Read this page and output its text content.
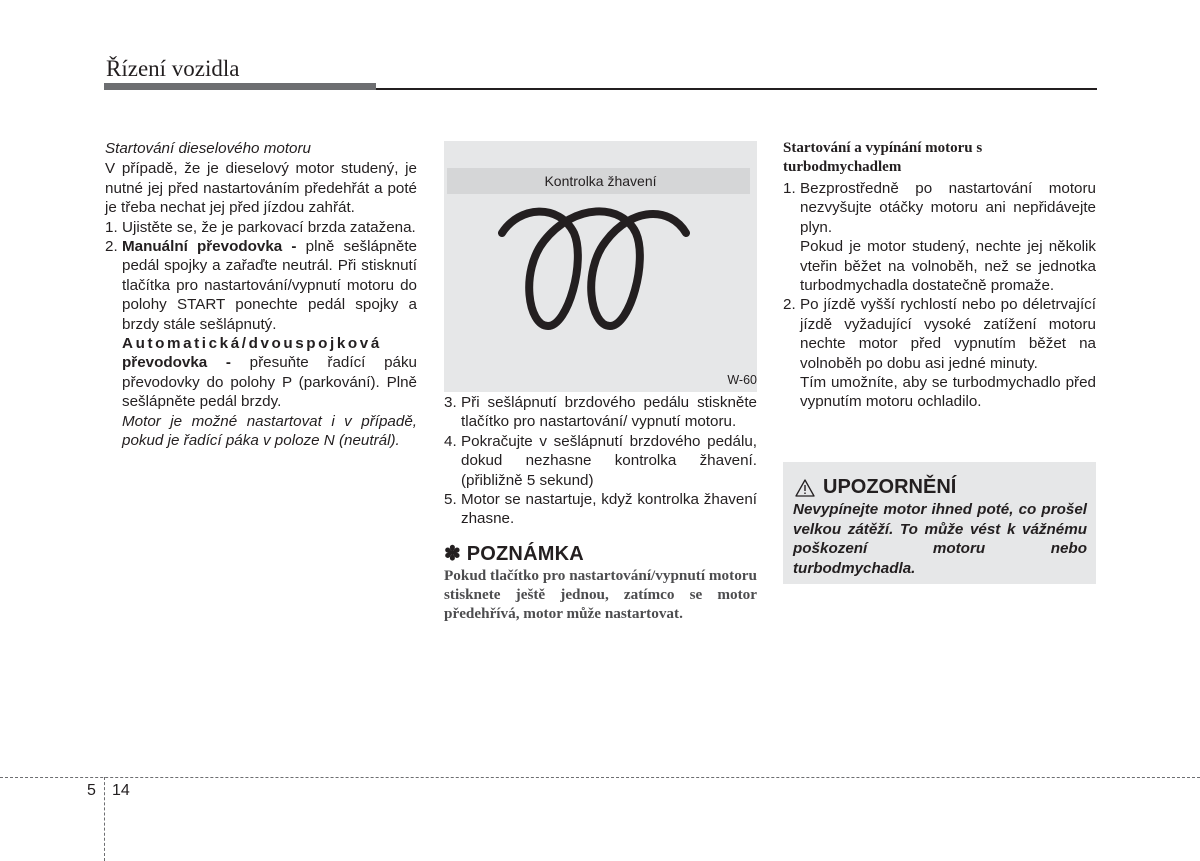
Řízení vozidla

Startování dieselového motoru

V případě, že je dieselový motor studený, je nutné jej před nastartováním předehřát a poté je třeba nechat jej před jízdou zahřát.

1. Ujistěte se, že je parkovací brzda zatažena.
2. Manuální převodovka - plně sešlápněte pedál spojky a zařaďte neutrál. Při stisknutí tlačítka pro nastartování/vypnutí motoru do polohy START ponechte pedál spojky a brzdy stále sešlápnutý.

Automatická/dvouspojková
převodovka - přesuňte řadící páku převodovky do polohy P (parkování). Plně sešlápněte pedál brzdy.

Motor je možné nastartovat i v případě, pokud je řadící páka v poloze N (neutrál).

Kontrolka žhavení
W-60
3. Při sešlápnutí brzdového pedálu stiskněte tlačítko pro nastartování/ vypnutí motoru.
4. Pokračujte v sešlápnutí brzdového pedálu, dokud nezhasne kontrolka žhavení. (přibližně 5 sekund)
5. Motor se nastartuje, když kontrolka žhavení zhasne.
✽ POZNÁMKA

Pokud tlačítko pro nastartování/vypnutí motoru stisknete ještě jednou, zatímco se motor předehřívá, motor může nastartovat.

Startování a vypínání motoru s turbodmychadlem

1. Bezprostředně po nastartování motoru nezvyšujte otáčky motoru ani nepřidávejte plyn.

Pokud je motor studený, nechte jej několik vteřin běžet na volnoběh, než se jednotka turbodmychadla dostatečně promaže.

2. Po jízdě vyšší rychlostí nebo po déletrvající jízdě vyžadující vysoké zatížení motoru nechte motor před vypnutím běžet na volnoběh po dobu asi jedné minuty.

Tím umožníte, aby se turbodmychadlo před vypnutím motoru ochladilo.

UPOZORNĚNÍ

Nevypínejte motor ihned poté, co prošel velkou zátěží. To může vést k vážnému poškození motoru nebo turbodmychadla.

5 14
